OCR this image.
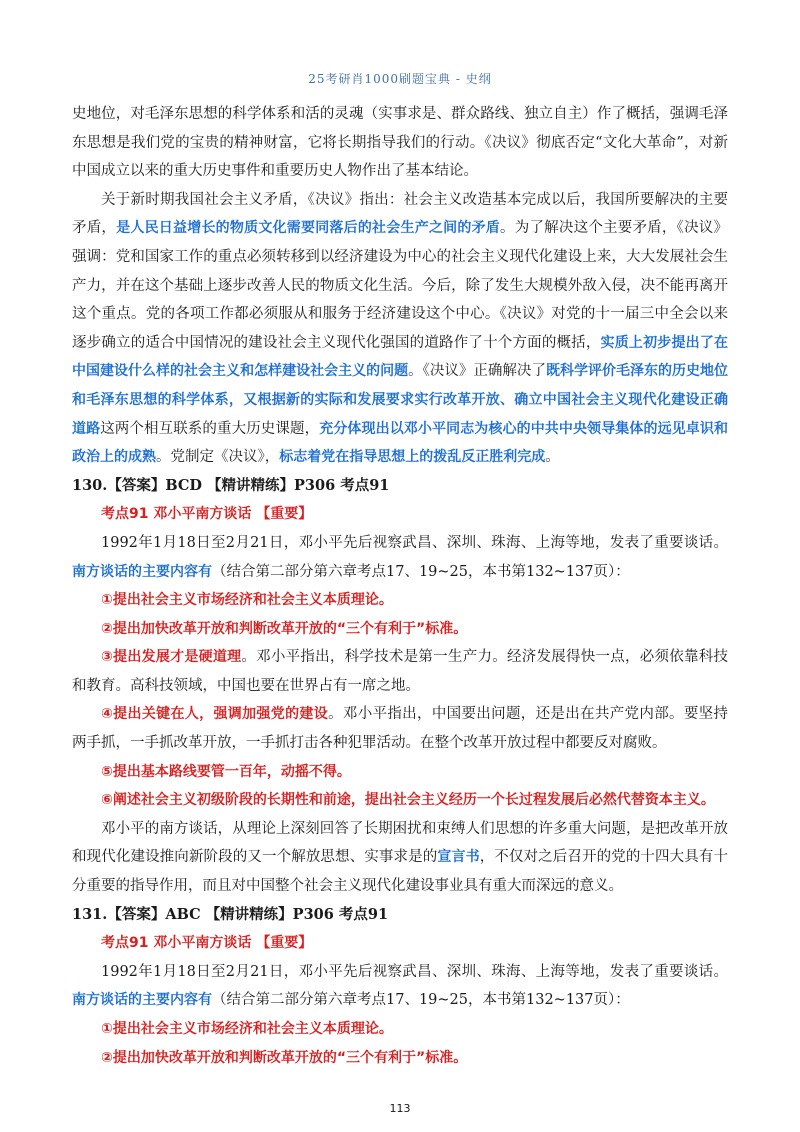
25考研肖1000刷题宝典 - 史纲

史地位，对毛泽东思想的科学体系和活的灵魂（实事求是、群众路线、独立自主）作了概括，强调毛泽东思想是我们党的宝贵的精神财富，它将长期指导我们的行动。《决议》彻底否定“文化大革命”，对新中国成立以来的重大历史事件和重要历史人物作出了基本结论。

关于新时期我国社会主义矛盾，《决议》指出：社会主义改造基本完成以后，我国所要解决的主要矛盾，是人民日益增长的物质文化需要同落后的社会生产之间的矛盾。为了解决这个主要矛盾，《决议》强调：党和国家工作的重点必须转移到以经济建设为中心的社会主义现代化建设上来，大大发展社会生产力，并在这个基础上逐步改善人民的物质文化生活。今后，除了发生大规模外敌入侵，决不能再离开这个重点。党的各项工作都必须服从和服务于经济建设这个中心。《决议》对党的十一届三中全会以来逐步确立的适合中国情况的建设社会主义现代化强国的道路作了十个方面的概括，实质上初步提出了在中国建设什么样的社会主义和怎样建设社会主义的问题。《决议》正确解决了既科学评价毛泽东的历史地位和毛泽东思想的科学体系，又根据新的实际和发展要求实行改革开放、确立中国社会主义现代化建设正确道路这两个相互联系的重大历史课题，充分体现出以邓小平同志为核心的中共中央领导集体的远见卓识和政治上的成熟。党制定《决议》，标志着党在指导思想上的拨乱反正胜利完成。

130.【答案】BCD 【精讲精练】P306 考点91

考点91 邓小平南方谈话 【重要】

1992年1月18日至2月21日，邓小平先后视察武昌、深圳、珠海、上海等地，发表了重要谈话。南方谈话的主要内容有（结合第二部分第六章考点17、19~25，本书第132~137页）：

①提出社会主义市场经济和社会主义本质理论。

②提出加快改革开放和判断改革开放的“三个有利于”标准。

③提出发展才是硬道理。邓小平指出，科学技术是第一生产力。经济发展得快一点，必须依靠科技和教育。高科技领域，中国也要在世界占有一席之地。

④提出关键在人，强调加强党的建设。邓小平指出，中国要出问题，还是出在共产党内部。要坚持两手抓，一手抓改革开放，一手抓打击各种犯罪活动。在整个改革开放过程中都要反对腐败。

⑤提出基本路线要管一百年，动摇不得。

⑥阐述社会主义初级阶段的长期性和前途，提出社会主义经历一个长过程发展后必然代替资本主义。

邓小平的南方谈话，从理论上深刻回答了长期困扰和束缚人们思想的许多重大问题，是把改革开放和现代化建设推向新阶段的又一个解放思想、实事求是的宣言书，不仅对之后召开的党的十四大具有十分重要的指导作用，而且对中国整个社会主义现代化建设事业具有重大而深远的意义。

131.【答案】ABC 【精讲精练】P306 考点91

考点91 邓小平南方谈话 【重要】

1992年1月18日至2月21日，邓小平先后视察武昌、深圳、珠海、上海等地，发表了重要谈话。南方谈话的主要内容有（结合第二部分第六章考点17、19~25，本书第132~137页）：

①提出社会主义市场经济和社会主义本质理论。

②提出加快改革开放和判断改革开放的“三个有利于”标准。

113
